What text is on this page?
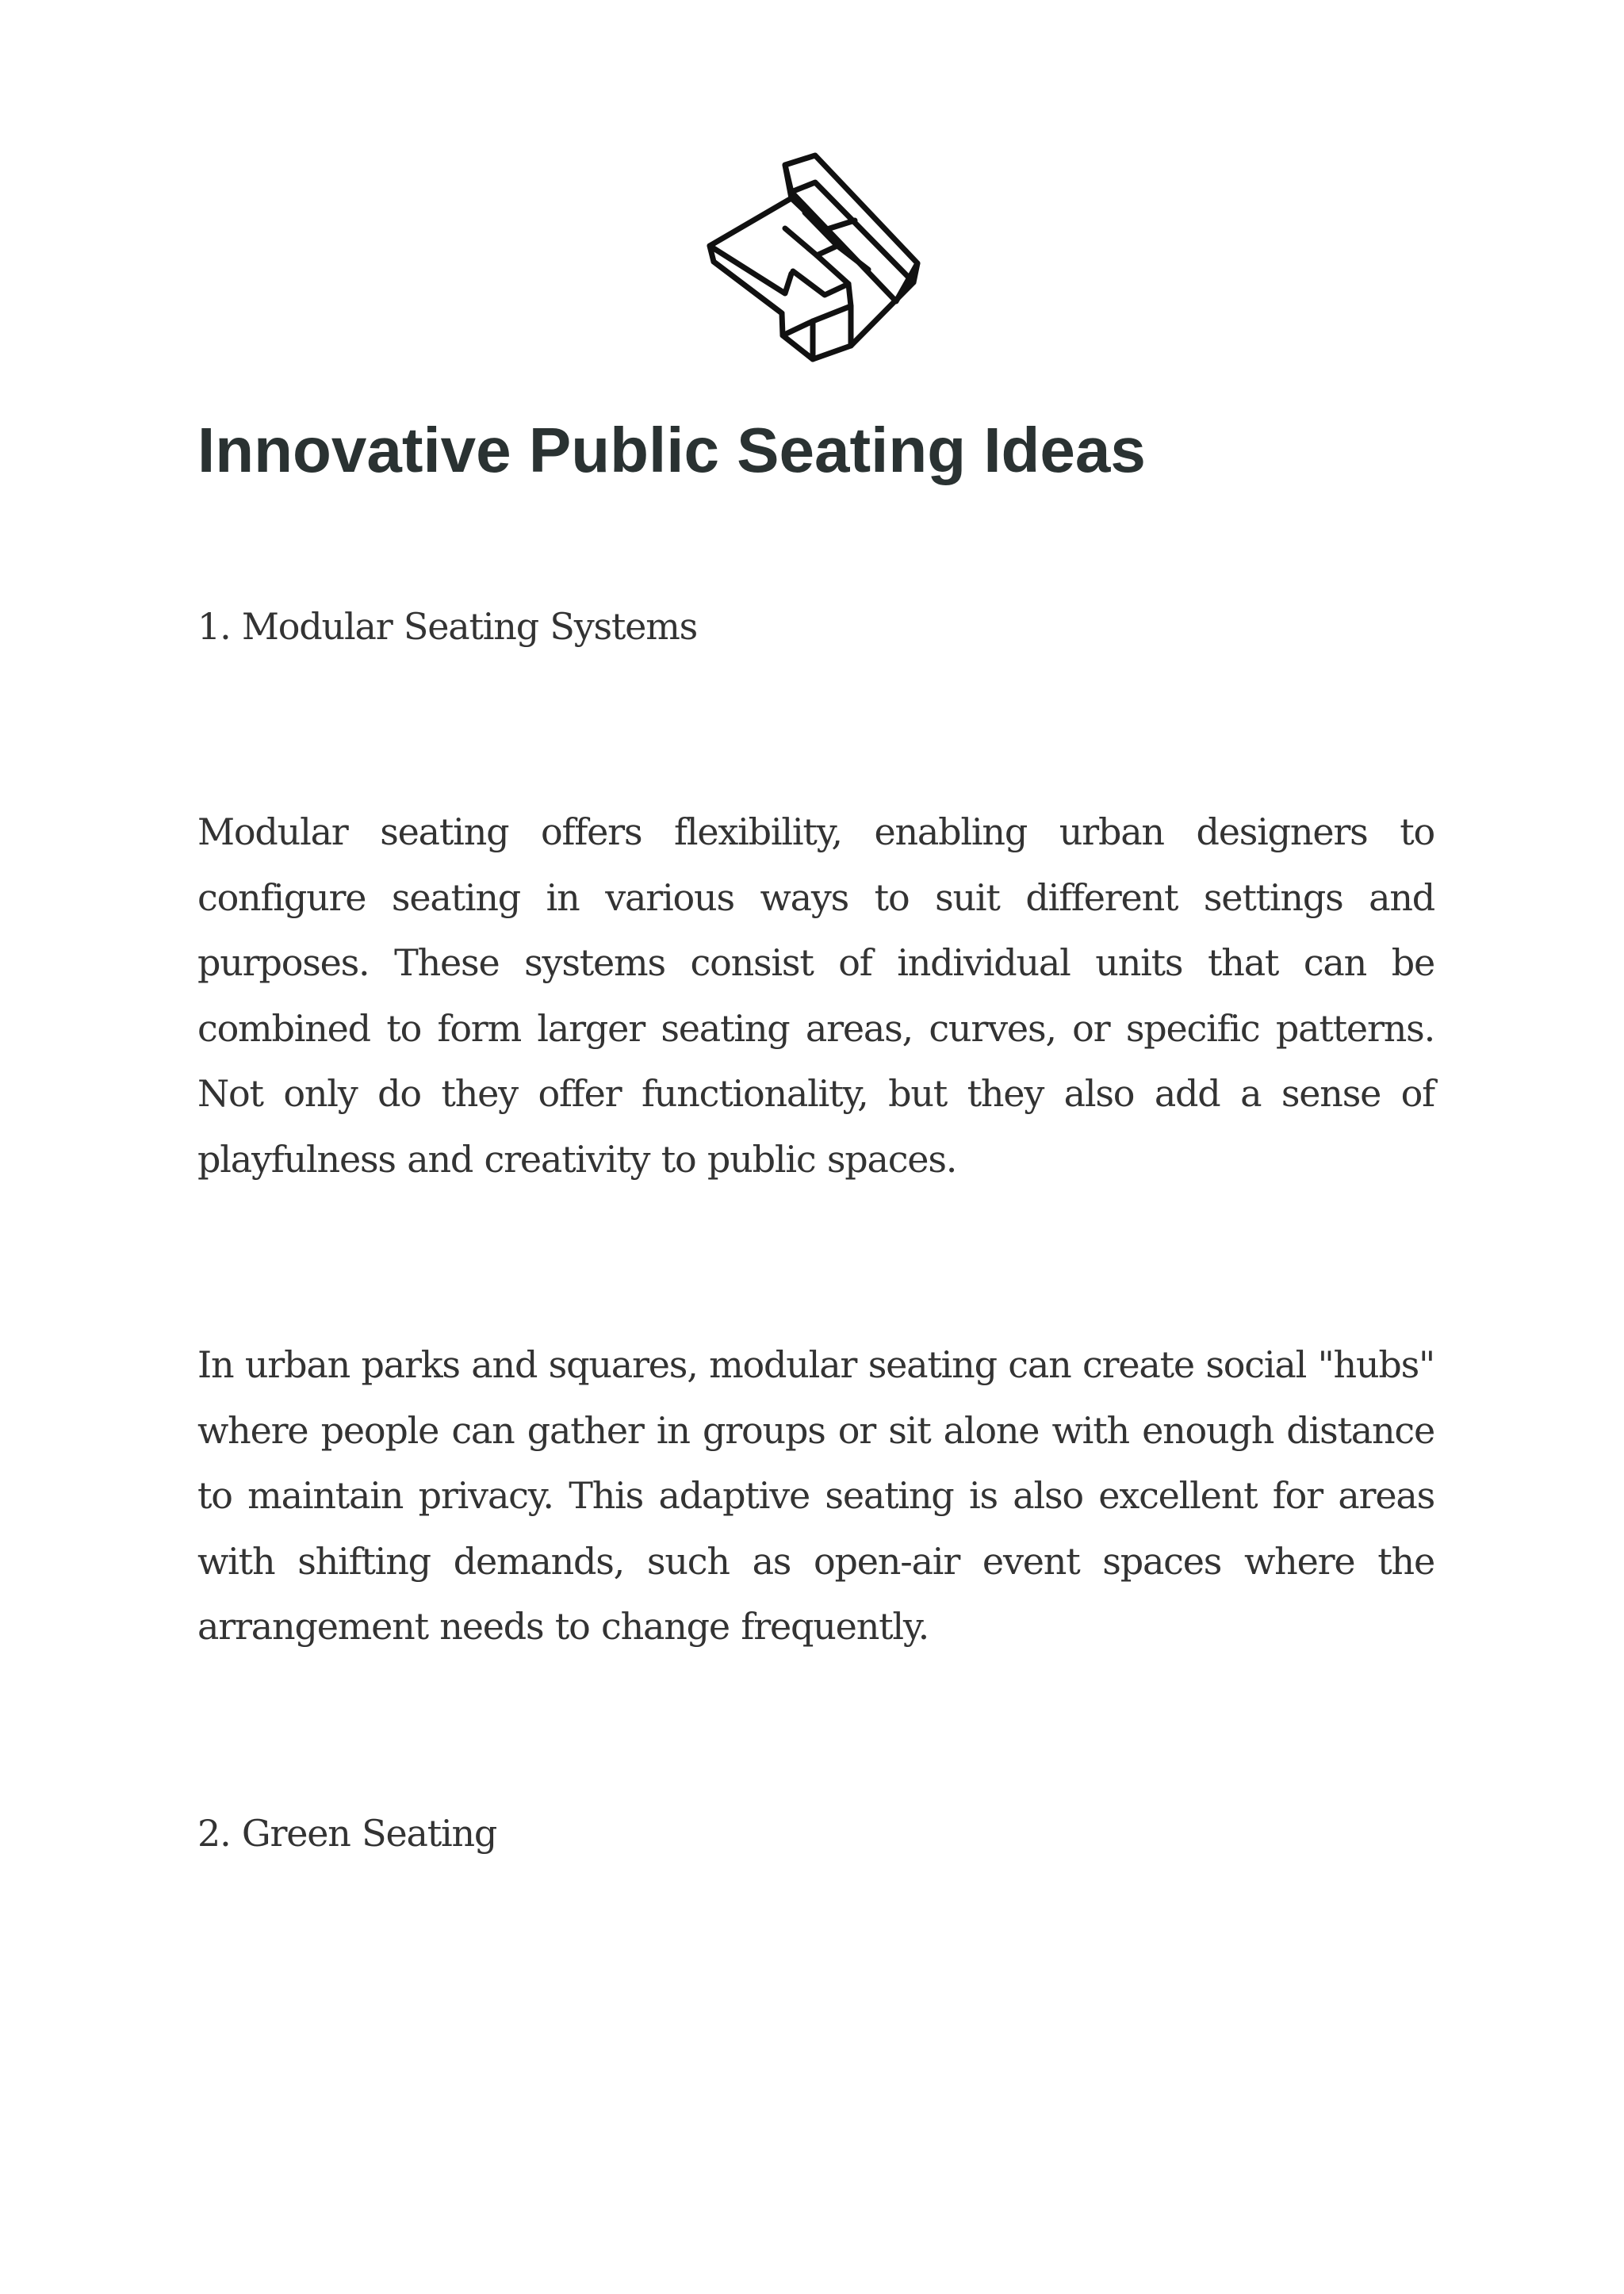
Innovative Public Seating Ideas
1. Modular Seating Systems

Modular seating offers flexibility, enabling urban designers to configure seating in various ways to suit different settings and purposes. These systems consist of individual units that can be combined to form larger seating areas, curves, or specific patterns. Not only do they offer functionality, but they also add a sense of playfulness and creativity to public spaces.

In urban parks and squares, modular seating can create social "hubs" where people can gather in groups or sit alone with enough distance to maintain privacy. This adaptive seating is also excellent for areas with shifting demands, such as open-air event spaces where the arrangement needs to change frequently.

2. Green Seating
